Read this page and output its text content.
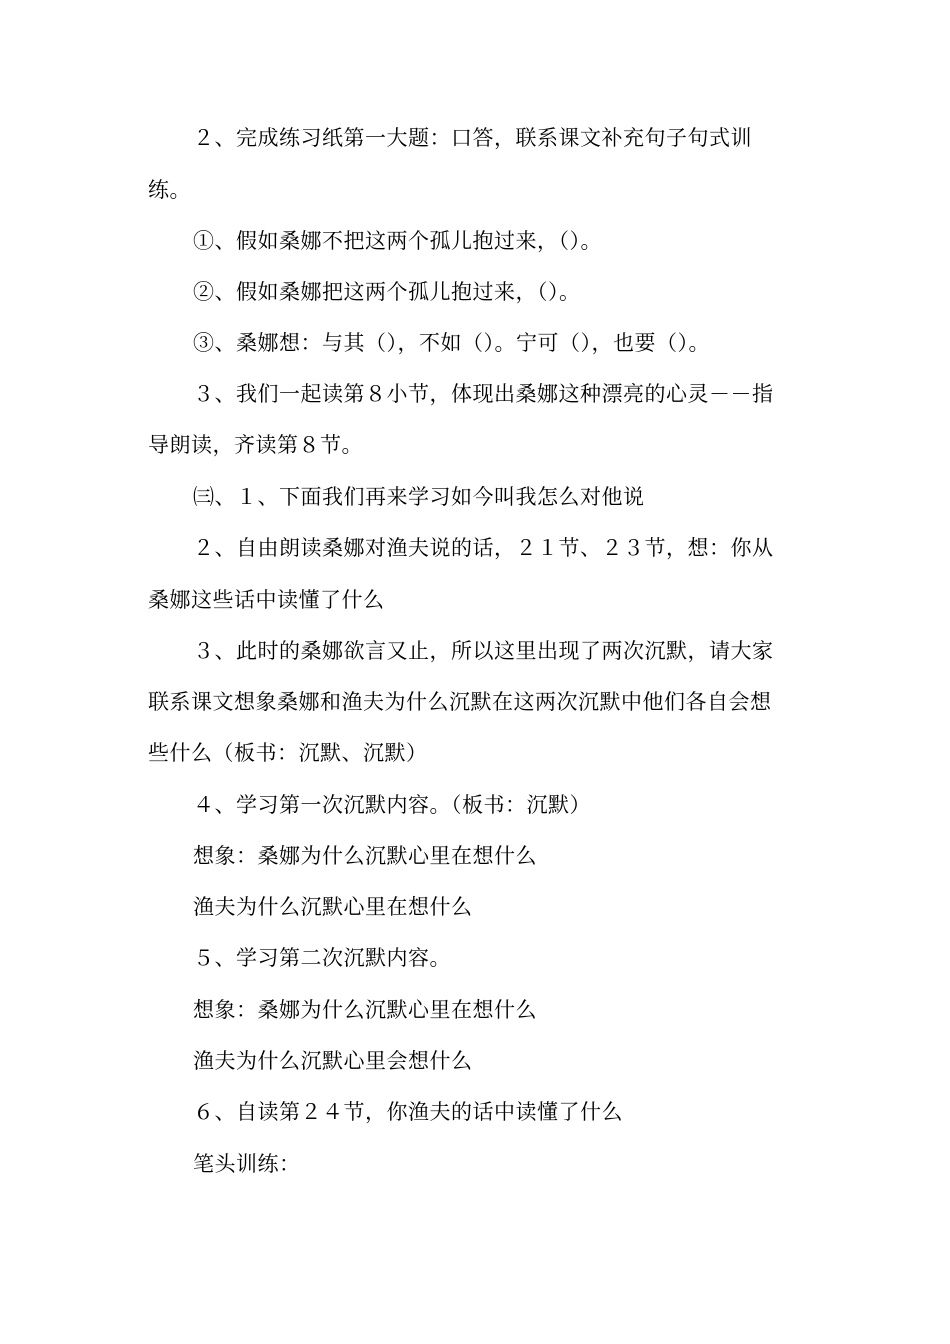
２、完成练习纸第一大题：口答，联系课文补充句子句式训
练。
①、假如桑娜不把这两个孤儿抱过来，（）。
②、假如桑娜把这两个孤儿抱过来，（）。
③、桑娜想：与其（），不如（）。宁可（），也要（）。
３、我们一起读第８小节，体现出桑娜这种漂亮的心灵－－指
导朗读，齐读第８节。
㈢、１、下面我们再来学习如今叫我怎么对他说
２、自由朗读桑娜对渔夫说的话，２１节、２３节，想：你从
桑娜这些话中读懂了什么
３、此时的桑娜欲言又止，所以这里出现了两次沉默，请大家
联系课文想象桑娜和渔夫为什么沉默在这两次沉默中他们各自会想
些什么（板书：沉默、沉默）
４、学习第一次沉默内容。（板书：沉默）
想象：桑娜为什么沉默心里在想什么
渔夫为什么沉默心里在想什么
５、学习第二次沉默内容。
想象：桑娜为什么沉默心里在想什么
渔夫为什么沉默心里会想什么
６、自读第２４节，你渔夫的话中读懂了什么
笔头训练：
